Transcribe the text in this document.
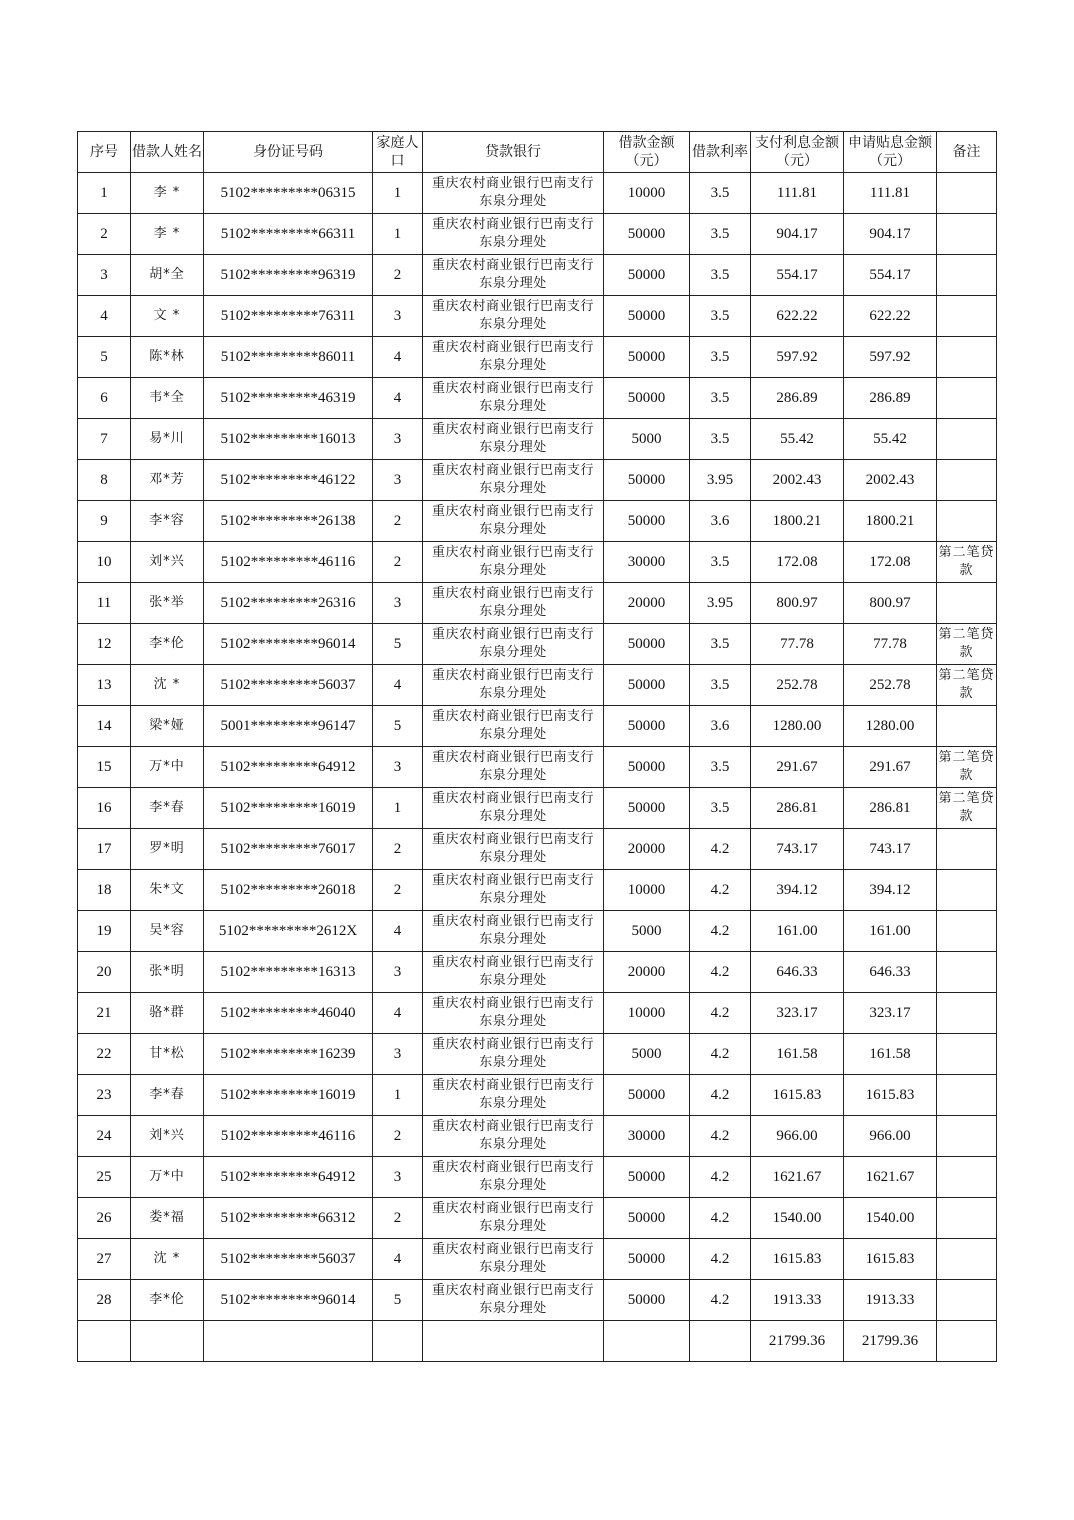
序号	借款人姓名	身份证号码	家庭人口	贷款银行	借款金额（元）	借款利率	支付利息金额（元）	申请贴息金额（元）	备注
1	李 *	5102*********06315	1	重庆农村商业银行巴南支行东泉分理处	10000	3.5	111.81	111.81	
2	李 *	5102*********66311	1	重庆农村商业银行巴南支行东泉分理处	50000	3.5	904.17	904.17	
3	胡*全	5102*********96319	2	重庆农村商业银行巴南支行东泉分理处	50000	3.5	554.17	554.17	
4	文 *	5102*********76311	3	重庆农村商业银行巴南支行东泉分理处	50000	3.5	622.22	622.22	
5	陈*林	5102*********86011	4	重庆农村商业银行巴南支行东泉分理处	50000	3.5	597.92	597.92	
6	韦*全	5102*********46319	4	重庆农村商业银行巴南支行东泉分理处	50000	3.5	286.89	286.89	
7	易*川	5102*********16013	3	重庆农村商业银行巴南支行东泉分理处	5000	3.5	55.42	55.42	
8	邓*芳	5102*********46122	3	重庆农村商业银行巴南支行东泉分理处	50000	3.95	2002.43	2002.43	
9	李*容	5102*********26138	2	重庆农村商业银行巴南支行东泉分理处	50000	3.6	1800.21	1800.21	
10	刘*兴	5102*********46116	2	重庆农村商业银行巴南支行东泉分理处	30000	3.5	172.08	172.08	第二笔贷款
11	张*举	5102*********26316	3	重庆农村商业银行巴南支行东泉分理处	20000	3.95	800.97	800.97	
12	李*伦	5102*********96014	5	重庆农村商业银行巴南支行东泉分理处	50000	3.5	77.78	77.78	第二笔贷款
13	沈 *	5102*********56037	4	重庆农村商业银行巴南支行东泉分理处	50000	3.5	252.78	252.78	第二笔贷款
14	梁*娅	5001*********96147	5	重庆农村商业银行巴南支行东泉分理处	50000	3.6	1280.00	1280.00	
15	万*中	5102*********64912	3	重庆农村商业银行巴南支行东泉分理处	50000	3.5	291.67	291.67	第二笔贷款
16	李*春	5102*********16019	1	重庆农村商业银行巴南支行东泉分理处	50000	3.5	286.81	286.81	第二笔贷款
17	罗*明	5102*********76017	2	重庆农村商业银行巴南支行东泉分理处	20000	4.2	743.17	743.17	
18	朱*文	5102*********26018	2	重庆农村商业银行巴南支行东泉分理处	10000	4.2	394.12	394.12	
19	吴*容	5102*********2612X	4	重庆农村商业银行巴南支行东泉分理处	5000	4.2	161.00	161.00	
20	张*明	5102*********16313	3	重庆农村商业银行巴南支行东泉分理处	20000	4.2	646.33	646.33	
21	骆*群	5102*********46040	4	重庆农村商业银行巴南支行东泉分理处	10000	4.2	323.17	323.17	
22	甘*松	5102*********16239	3	重庆农村商业银行巴南支行东泉分理处	5000	4.2	161.58	161.58	
23	李*春	5102*********16019	1	重庆农村商业银行巴南支行东泉分理处	50000	4.2	1615.83	1615.83	
24	刘*兴	5102*********46116	2	重庆农村商业银行巴南支行东泉分理处	30000	4.2	966.00	966.00	
25	万*中	5102*********64912	3	重庆农村商业银行巴南支行东泉分理处	50000	4.2	1621.67	1621.67	
26	娄*福	5102*********66312	2	重庆农村商业银行巴南支行东泉分理处	50000	4.2	1540.00	1540.00	
27	沈 *	5102*********56037	4	重庆农村商业银行巴南支行东泉分理处	50000	4.2	1615.83	1615.83	
28	李*伦	5102*********96014	5	重庆农村商业银行巴南支行东泉分理处	50000	4.2	1913.33	1913.33	
							21799.36	21799.36	
